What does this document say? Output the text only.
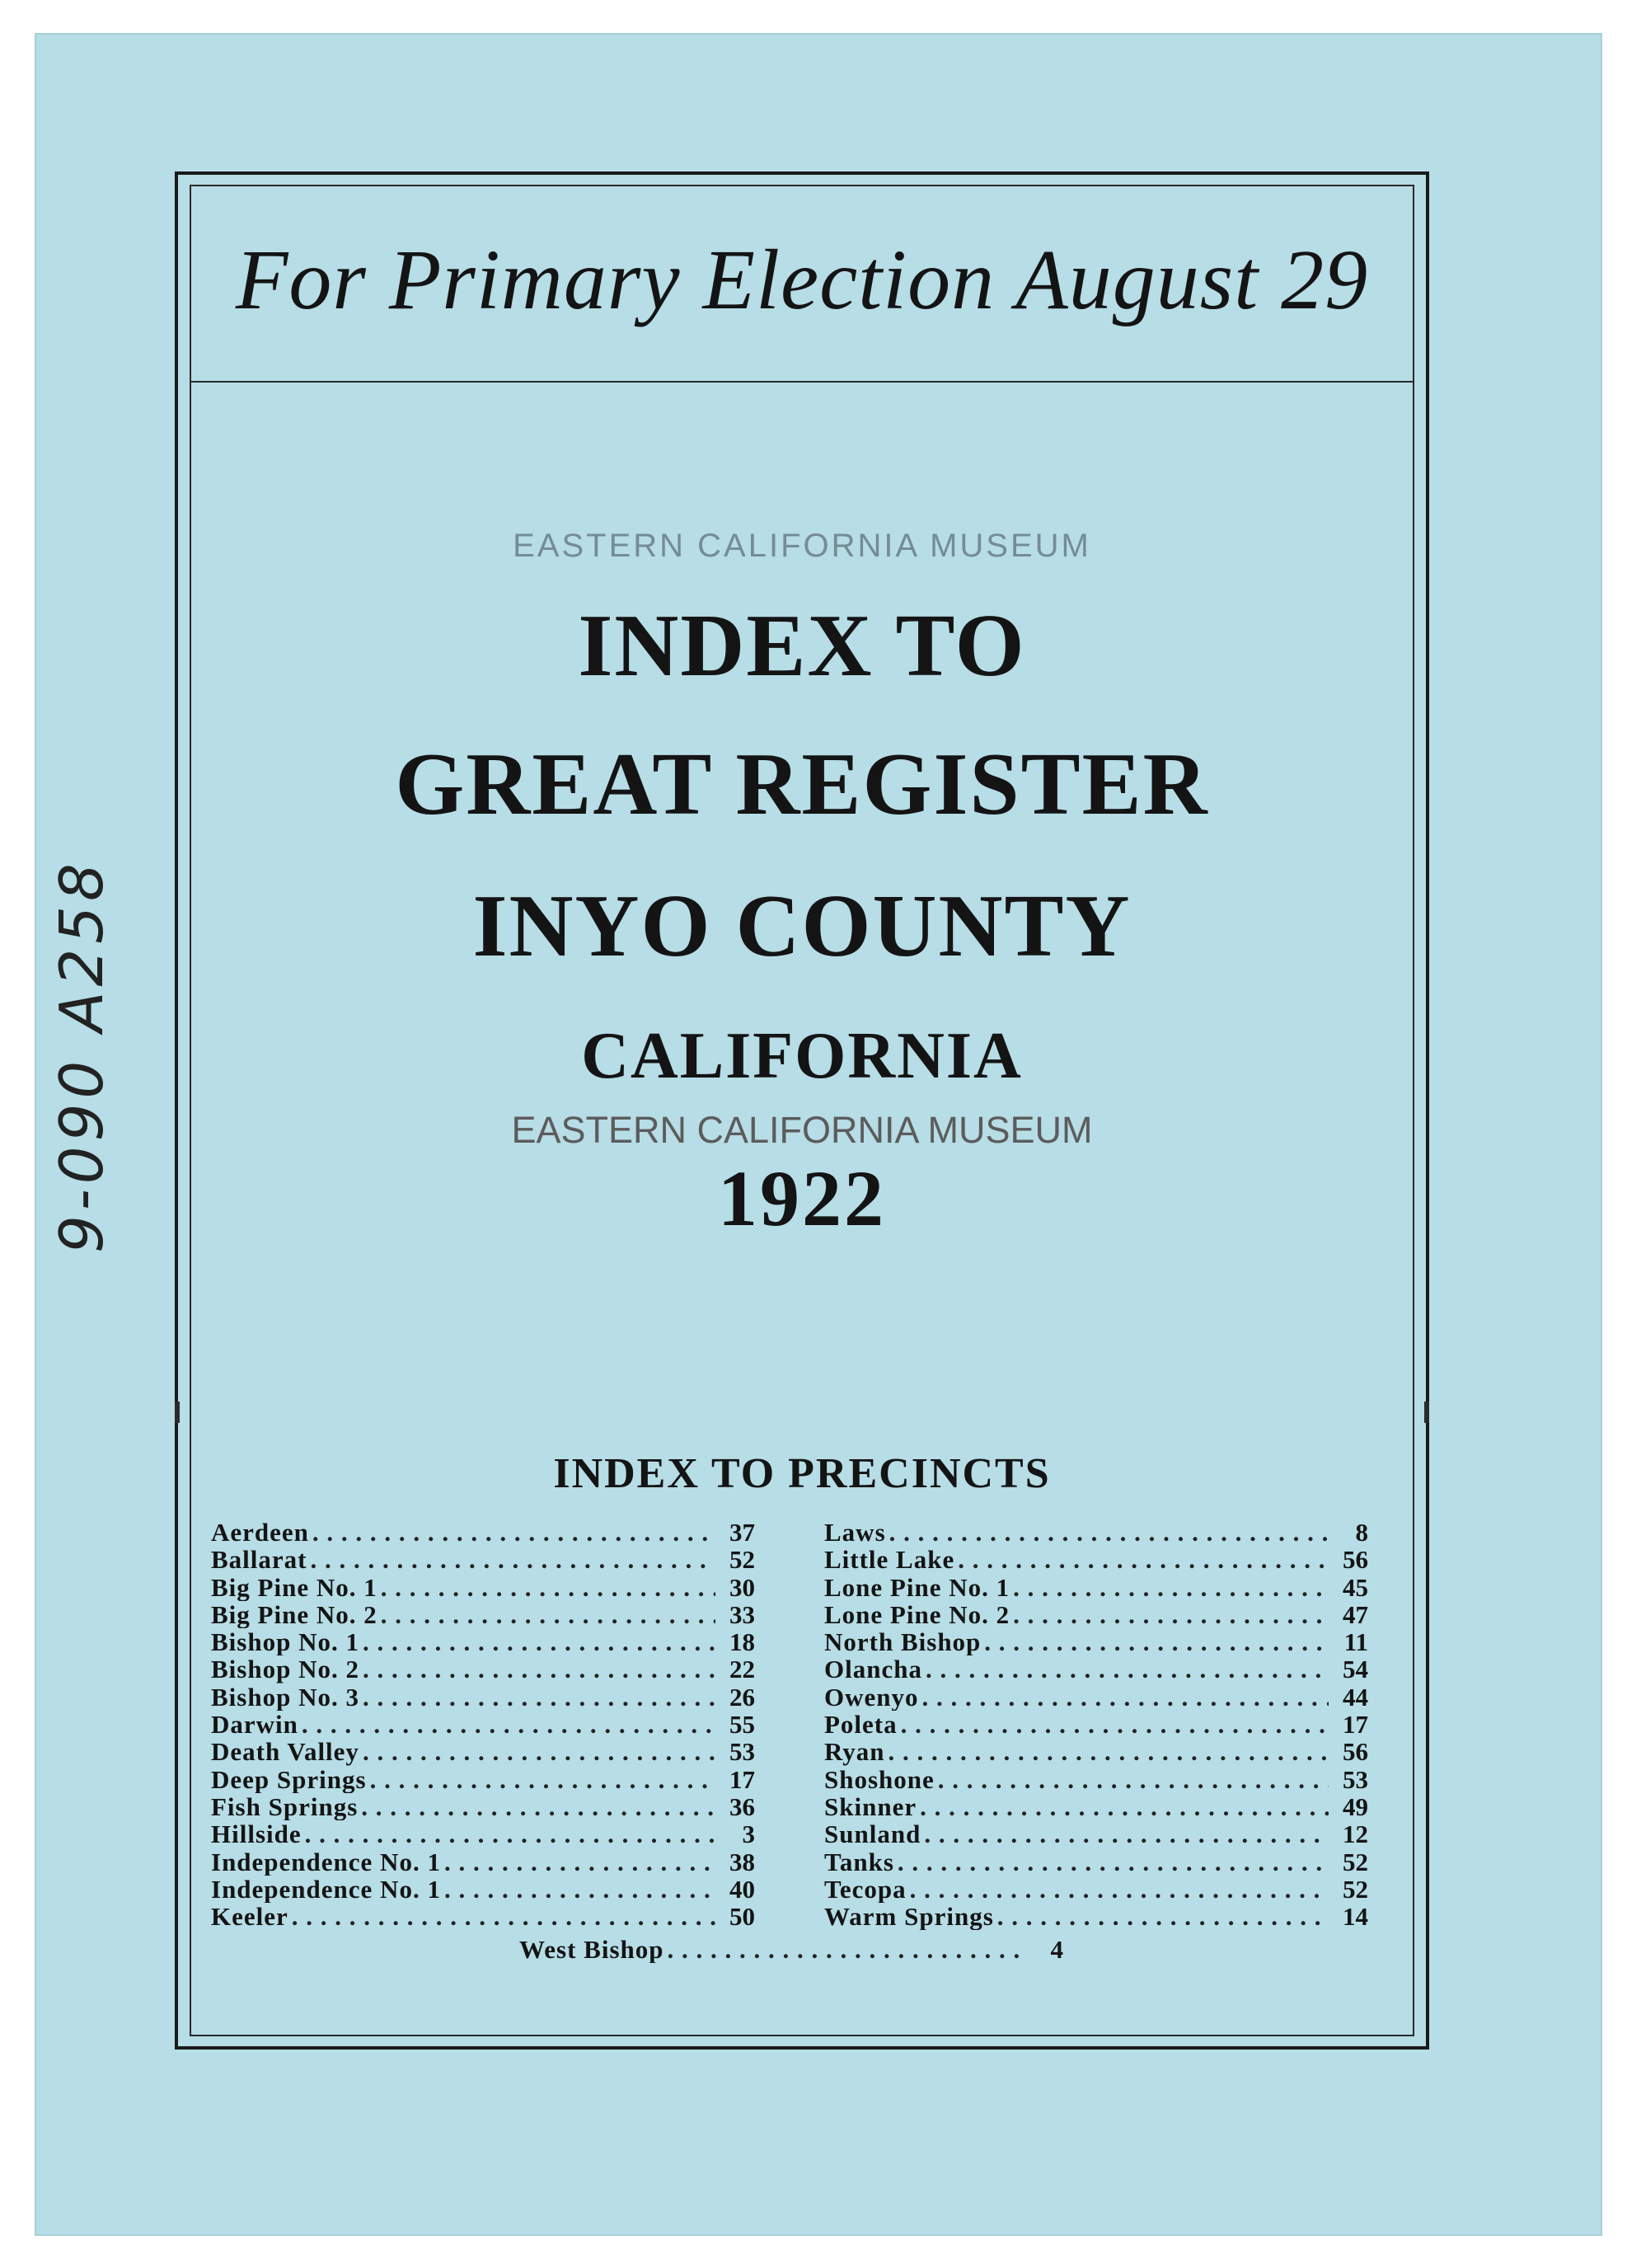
For Primary Election August 29
EASTERN CALIFORNIA MUSEUM
INDEX TO
GREAT REGISTER
INYO COUNTY
CALIFORNIA
EASTERN CALIFORNIA MUSEUM
1922
9-090 A258
INDEX TO PRECINCTS
Aerdeen . . .	37
Ballarat . . .	52
Big Pine No. 1 . . .	30
Big Pine No. 2 . . .	33
Bishop No. 1 . . .	18
Bishop No. 2 . . .	22
Bishop No. 3 . . .	26
Darwin . . .	55
Death Valley . . .	53
Deep Springs . . .	17
Fish Springs . . .	36
Hillside . . .	3
Independence No. 1 . . .	38
Independence No. 1 . . .	40
Keeler . . .	50
Laws . . .	8
Little Lake . . .	56
Lone Pine No. 1 . . .	45
Lone Pine No. 2 . . .	47
North Bishop . . .	11
Olancha . . .	54
Owenyo . . .	44
Poleta . . .	17
Ryan . . .	56
Shoshone . . .	53
Skinner . . .	49
Sunland . . .	12
Tanks . . .	52
Tecopa . . .	52
Warm Springs . . .	14
West Bishop . . .	4
